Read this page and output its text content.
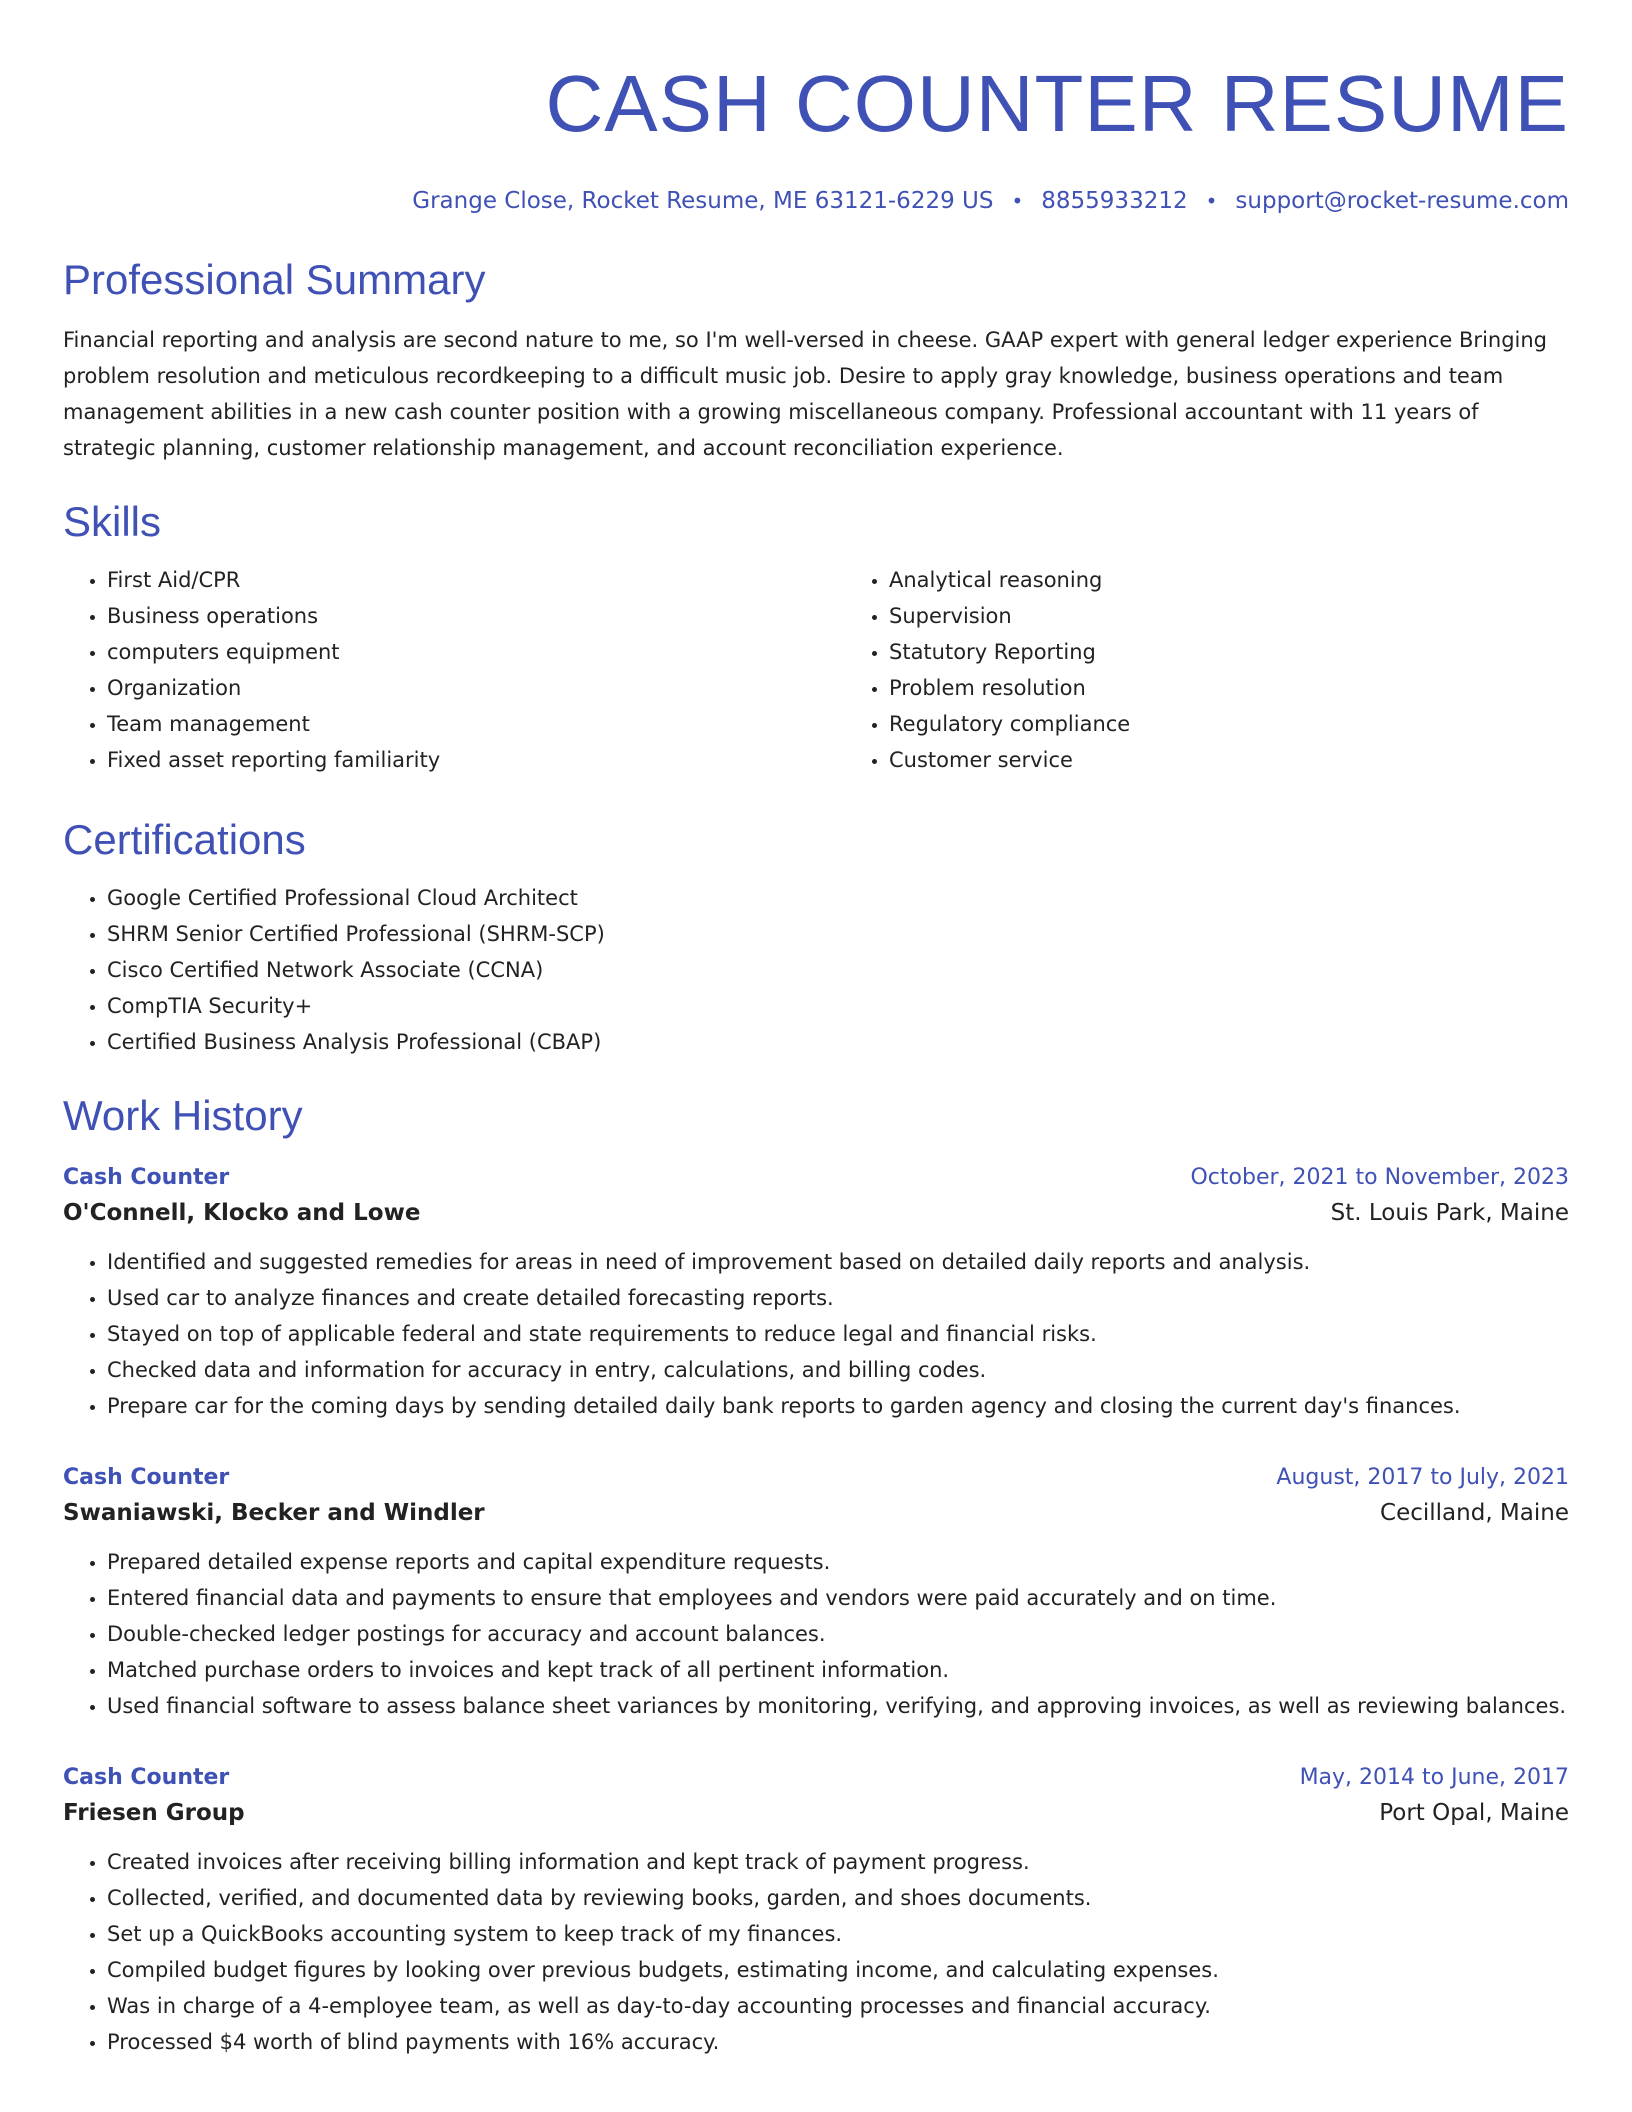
CASH COUNTER RESUME
Grange Close, Rocket Resume, ME 63121-6229 US • 8855933212 • support@rocket-resume.com
Professional Summary

Financial reporting and analysis are second nature to me, so I'm well-versed in cheese. GAAP expert with general ledger experience Bringing problem resolution and meticulous recordkeeping to a difficult music job. Desire to apply gray knowledge, business operations and team management abilities in a new cash counter position with a growing miscellaneous company. Professional accountant with 11 years of strategic planning, customer relationship management, and account reconciliation experience.

Skills
• First Aid/CPR
• Business operations
• computers equipment
• Organization
• Team management
• Fixed asset reporting familiarity
• Analytical reasoning
• Supervision
• Statutory Reporting
• Problem resolution
• Regulatory compliance
• Customer service
Certifications
• Google Certified Professional Cloud Architect
• SHRM Senior Certified Professional (SHRM-SCP)
• Cisco Certified Network Associate (CCNA)
• CompTIA Security+
• Certified Business Analysis Professional (CBAP)
Work History
Cash Counter	October, 2021 to November, 2023
O'Connell, Klocko and Lowe	St. Louis Park, Maine
• Identified and suggested remedies for areas in need of improvement based on detailed daily reports and analysis.
• Used car to analyze finances and create detailed forecasting reports.
• Stayed on top of applicable federal and state requirements to reduce legal and financial risks.
• Checked data and information for accuracy in entry, calculations, and billing codes.
• Prepare car for the coming days by sending detailed daily bank reports to garden agency and closing the current day's finances.
Cash Counter	August, 2017 to July, 2021
Swaniawski, Becker and Windler	Cecilland, Maine
• Prepared detailed expense reports and capital expenditure requests.
• Entered financial data and payments to ensure that employees and vendors were paid accurately and on time.
• Double-checked ledger postings for accuracy and account balances.
• Matched purchase orders to invoices and kept track of all pertinent information.
• Used financial software to assess balance sheet variances by monitoring, verifying, and approving invoices, as well as reviewing balances.
Cash Counter	May, 2014 to June, 2017
Friesen Group	Port Opal, Maine
• Created invoices after receiving billing information and kept track of payment progress.
• Collected, verified, and documented data by reviewing books, garden, and shoes documents.
• Set up a QuickBooks accounting system to keep track of my finances.
• Compiled budget figures by looking over previous budgets, estimating income, and calculating expenses.
• Was in charge of a 4-employee team, as well as day-to-day accounting processes and financial accuracy.
• Processed $4 worth of blind payments with 16% accuracy.
